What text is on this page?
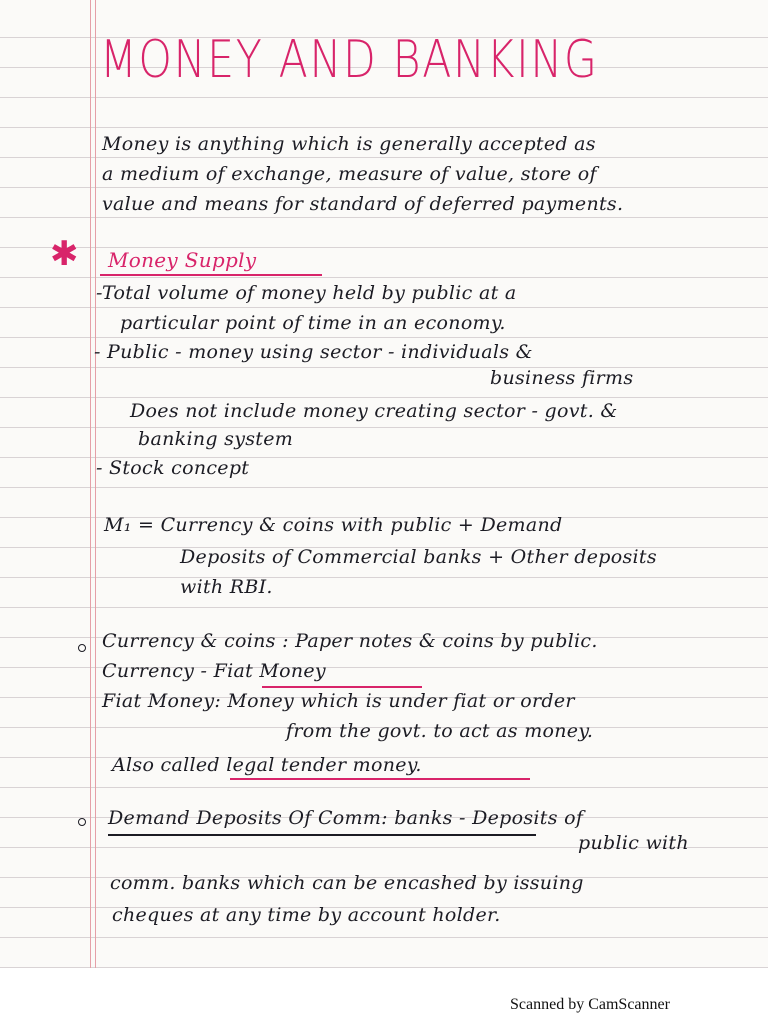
MONEY AND BANKING
Money is anything which is generally accepted as
a medium of exchange, measure of value, store of
value and means for standard of deferred payments.
✱ Money Supply
-Total volume of money held by public at a
particular point of time in an economy.
- Public - money using sector - individuals &
business firms
Does not include money creating sector - govt. &
banking system
- Stock concept
M₁ = Currency & coins with public + Demand
Deposits of Commercial banks + Other deposits
with RBI.
Currency & coins : Paper notes & coins by public.
Currency - Fiat Money
Fiat Money: Money which is under fiat or order
from the govt. to act as money.
Also called legal tender money.
Demand Deposits Of Comm: banks - Deposits of
public with
comm. banks which can be encashed by issuing
cheques at any time by account holder.
Scanned by CamScanner
